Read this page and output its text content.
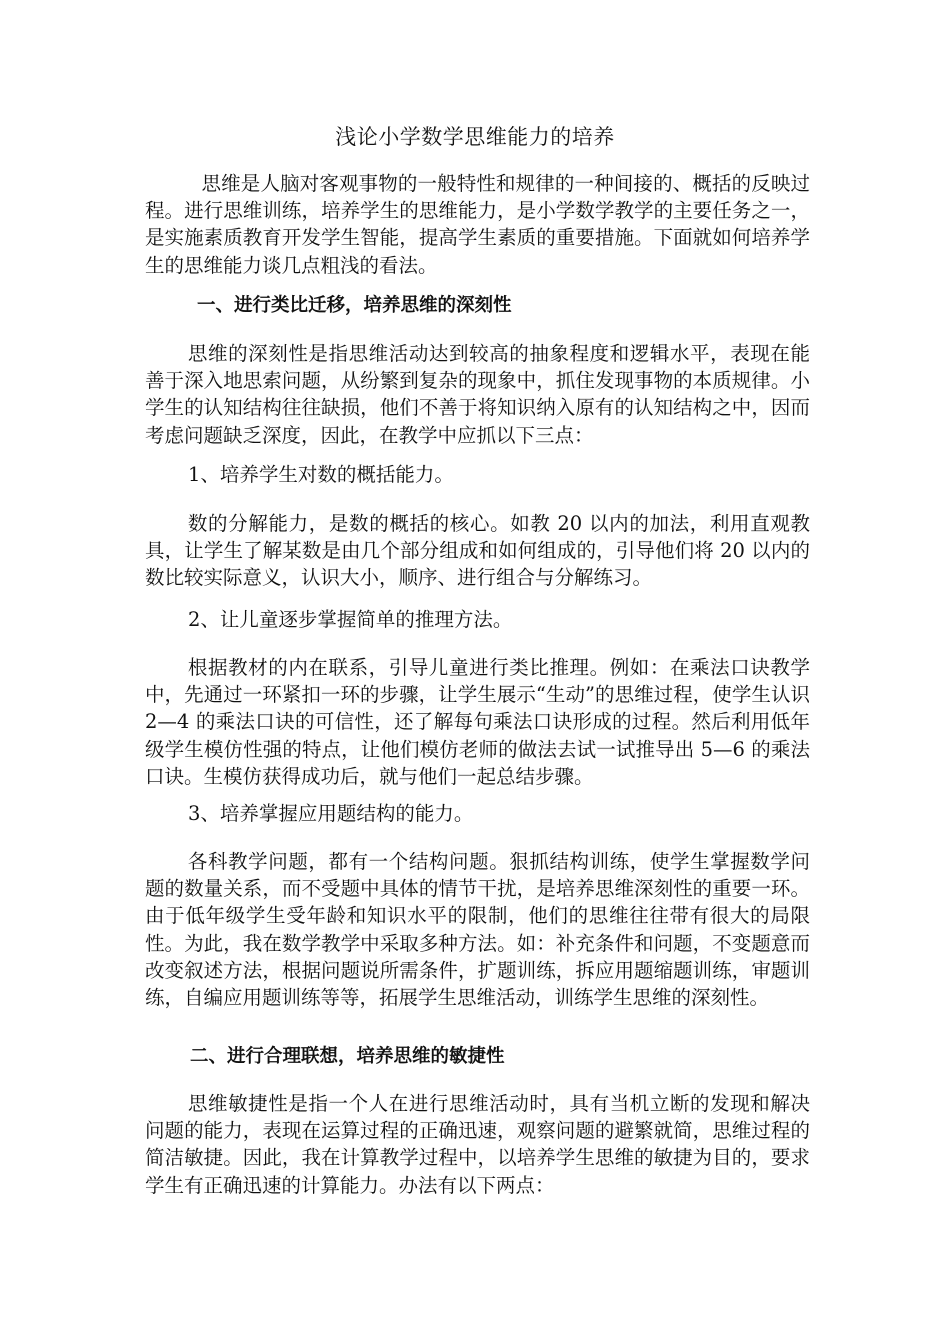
浅论小学数学思维能力的培养

思维是人脑对客观事物的一般特性和规律的一种间接的、概括的反映过程。进行思维训练，培养学生的思维能力，是小学数学教学的主要任务之一，是实施素质教育开发学生智能，提高学生素质的重要措施。下面就如何培养学生的思维能力谈几点粗浅的看法。

一、进行类比迁移，培养思维的深刻性

思维的深刻性是指思维活动达到较高的抽象程度和逻辑水平，表现在能善于深入地思索问题，从纷繁到复杂的现象中，抓住发现事物的本质规律。小学生的认知结构往往缺损，他们不善于将知识纳入原有的认知结构之中，因而考虑问题缺乏深度，因此，在教学中应抓以下三点：

1、培养学生对数的概括能力。

数的分解能力，是数的概括的核心。如教 20 以内的加法，利用直观教具，让学生了解某数是由几个部分组成和如何组成的，引导他们将 20 以内的数比较实际意义，认识大小，顺序、进行组合与分解练习。

2、让儿童逐步掌握简单的推理方法。

根据教材的内在联系，引导儿童进行类比推理。例如：在乘法口诀教学中，先通过一环紧扣一环的步骤，让学生展示“生动”的思维过程，使学生认识 2—4 的乘法口诀的可信性，还了解每句乘法口诀形成的过程。然后利用低年级学生模仿性强的特点，让他们模仿老师的做法去试一试推导出 5—6 的乘法口诀。生模仿获得成功后，就与他们一起总结步骤。

3、培养掌握应用题结构的能力。

各科教学问题，都有一个结构问题。狠抓结构训练，使学生掌握数学问题的数量关系，而不受题中具体的情节干扰，是培养思维深刻性的重要一环。由于低年级学生受年龄和知识水平的限制，他们的思维往往带有很大的局限性。为此，我在数学教学中采取多种方法。如：补充条件和问题，不变题意而改变叙述方法，根据问题说所需条件，扩题训练，拆应用题缩题训练，审题训练，自编应用题训练等等，拓展学生思维活动，训练学生思维的深刻性。

二、进行合理联想，培养思维的敏捷性

思维敏捷性是指一个人在进行思维活动时，具有当机立断的发现和解决问题的能力，表现在运算过程的正确迅速，观察问题的避繁就简，思维过程的简洁敏捷。因此，我在计算教学过程中，以培养学生思维的敏捷为目的，要求学生有正确迅速的计算能力。办法有以下两点：
